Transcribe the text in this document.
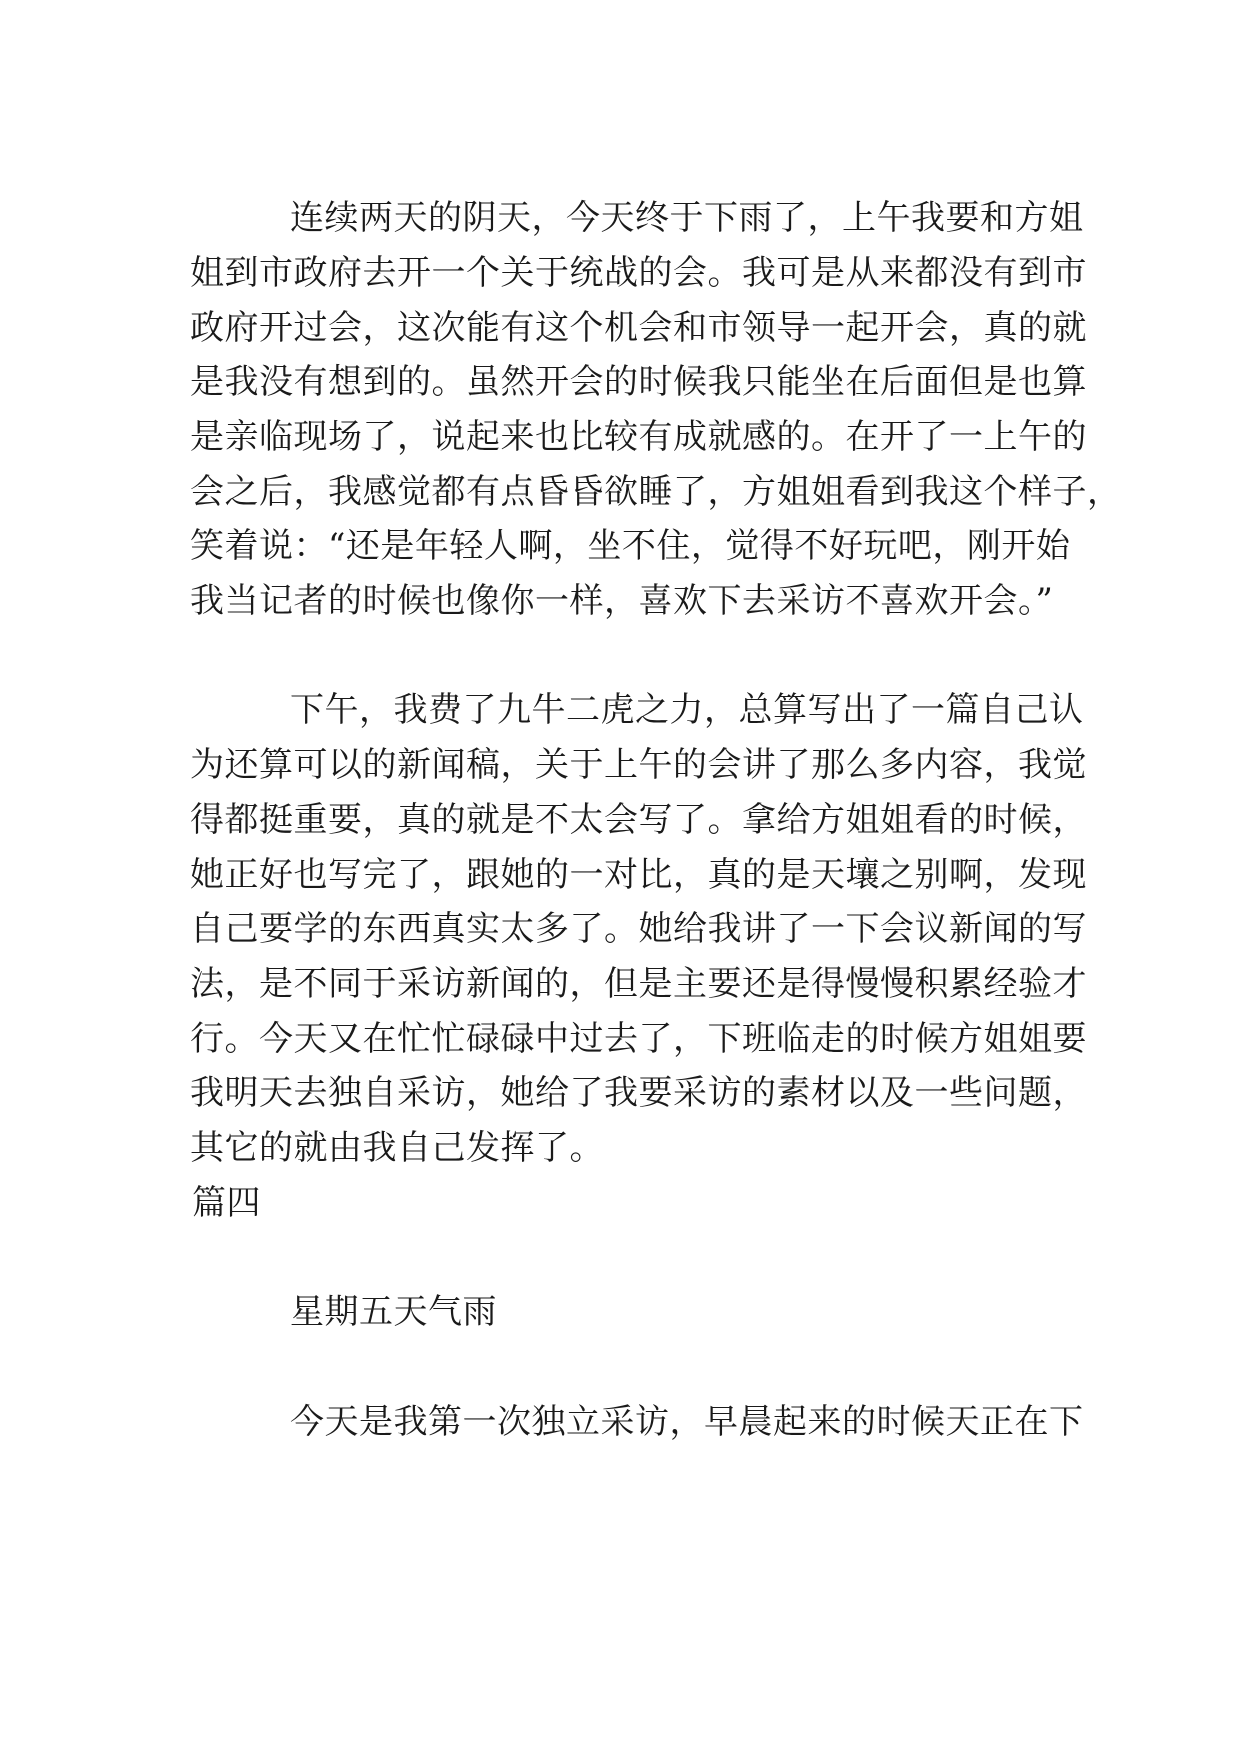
连续两天的阴天，今天终于下雨了，上午我要和方姐
姐到市政府去开一个关于统战的会。我可是从来都没有到市
政府开过会，这次能有这个机会和市领导一起开会，真的就
是我没有想到的。虽然开会的时候我只能坐在后面但是也算
是亲临现场了，说起来也比较有成就感的。在开了一上午的
会之后，我感觉都有点昏昏欲睡了，方姐姐看到我这个样子，
笑着说：“还是年轻人啊，坐不住，觉得不好玩吧，刚开始
我当记者的时候也像你一样，喜欢下去采访不喜欢开会。”
下午，我费了九牛二虎之力，总算写出了一篇自己认
为还算可以的新闻稿，关于上午的会讲了那么多内容，我觉
得都挺重要，真的就是不太会写了。拿给方姐姐看的时候，
她正好也写完了，跟她的一对比，真的是天壤之别啊，发现
自己要学的东西真实太多了。她给我讲了一下会议新闻的写
法，是不同于采访新闻的，但是主要还是得慢慢积累经验才
行。今天又在忙忙碌碌中过去了，下班临走的时候方姐姐要
我明天去独自采访，她给了我要采访的素材以及一些问题，
其它的就由我自己发挥了。
篇四
星期五天气雨
今天是我第一次独立采访，早晨起来的时候天正在下
